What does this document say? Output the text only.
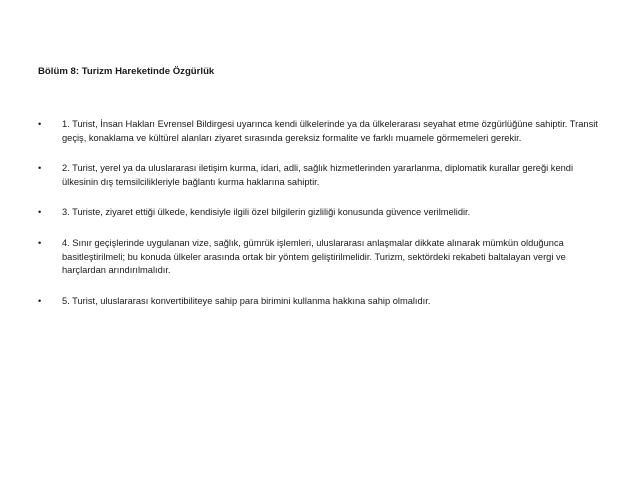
Bölüm 8: Turizm Hareketinde Özgürlük
•	1. Turist, İnsan Hakları Evrensel Bildirgesi uyarınca kendi ülkelerinde ya da ülkelerarası seyahat etme özgürlüğüne sahiptir. Transit geçiş, konaklama ve kültürel alanları ziyaret sırasında gereksiz formalite ve farklı muamele görmemeleri gerekir.
•	2. Turist, yerel ya da uluslararası iletişim kurma, idari, adli, sağlık hizmetlerinden yararlanma, diplomatik kurallar gereği kendi ülkesinin dış temsilcilikleriyle bağlantı kurma haklarına sahiptir.
•	3. Turiste, ziyaret ettiği ülkede, kendisiyle ilgili özel bilgilerin gizliliği konusunda güvence verilmelidir.
•	4. Sınır geçişlerinde uygulanan vize, sağlık, gümrük işlemleri, uluslararası anlaşmalar dikkate alınarak mümkün olduğunca basitleştirilmeli; bu konuda ülkeler arasında ortak bir yöntem geliştirilmelidir. Turizm, sektördeki rekabeti baltalayan vergi ve harçlardan arındırılmalıdır.
•	5. Turist, uluslararası konvertibiliteye sahip para birimini kullanma hakkına sahip olmalıdır.
